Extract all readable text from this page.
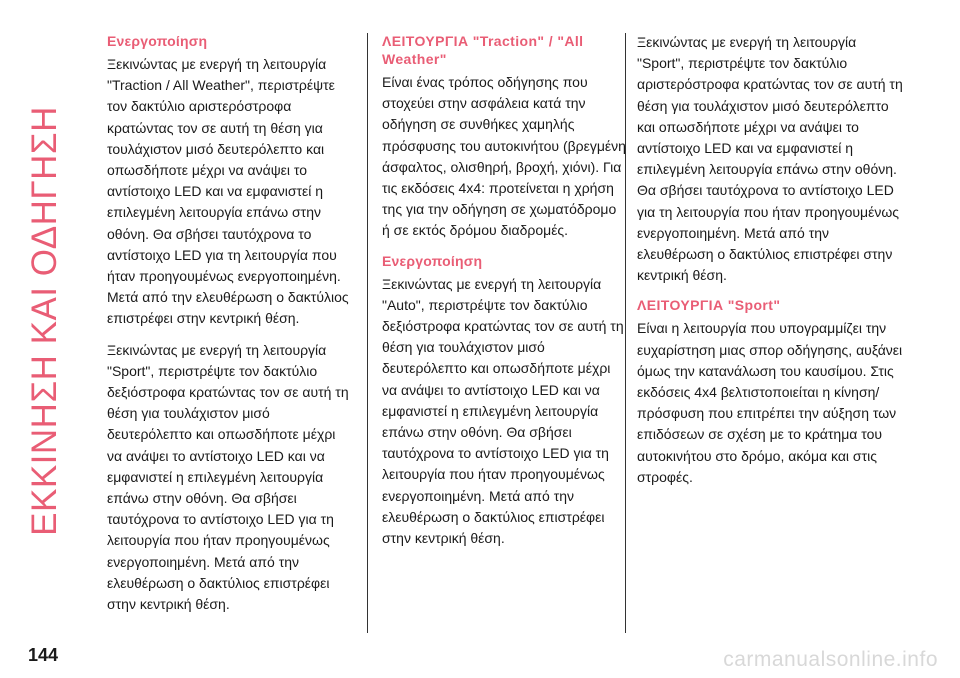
ΕΚΚΙΝΗΣΗ ΚΑΙ ΟΔΗΓΗΣΗ
Ενεργοποίηση

Ξεκινώντας με ενεργή τη λειτουργία "Traction / All Weather", περιστρέψτε τον δακτύλιο αριστερόστροφα κρατώντας τον σε αυτή τη θέση για τουλάχιστον μισό δευτερόλεπτο και οπωσδήποτε μέχρι να ανάψει το αντίστοιχο LED και να εμφανιστεί η επιλεγμένη λειτουργία επάνω στην οθόνη. Θα σβήσει ταυτόχρονα το αντίστοιχο LED για τη λειτουργία που ήταν προηγουμένως ενεργοποιημένη. Μετά από την ελευθέρωση ο δακτύλιος επιστρέφει στην κεντρική θέση.

Ξεκινώντας με ενεργή τη λειτουργία "Sport", περιστρέψτε τον δακτύλιο δεξιόστροφα κρατώντας τον σε αυτή τη θέση για τουλάχιστον μισό δευτερόλεπτο και οπωσδήποτε μέχρι να ανάψει το αντίστοιχο LED και να εμφανιστεί η επιλεγμένη λειτουργία επάνω στην οθόνη. Θα σβήσει ταυτόχρονα το αντίστοιχο LED για τη λειτουργία που ήταν προηγουμένως ενεργοποιημένη. Μετά από την ελευθέρωση ο δακτύλιος επιστρέφει στην κεντρική θέση.

ΛΕΙΤΟΥΡΓΙΑ "Traction" / "All Weather"

Είναι ένας τρόπος οδήγησης που στοχεύει στην ασφάλεια κατά την οδήγηση σε συνθήκες χαμηλής πρόσφυσης του αυτοκινήτου (βρεγμένη άσφαλτος, ολισθηρή, βροχή, χιόνι). Για τις εκδόσεις 4x4: προτείνεται η χρήση της για την οδήγηση σε χωματόδρομο ή σε εκτός δρόμου διαδρομές.

Ενεργοποίηση

Ξεκινώντας με ενεργή τη λειτουργία "Auto", περιστρέψτε τον δακτύλιο δεξιόστροφα κρατώντας τον σε αυτή τη θέση για τουλάχιστον μισό δευτερόλεπτο και οπωσδήποτε μέχρι να ανάψει το αντίστοιχο LED και να εμφανιστεί η επιλεγμένη λειτουργία επάνω στην οθόνη. Θα σβήσει ταυτόχρονα το αντίστοιχο LED για τη λειτουργία που ήταν προηγουμένως ενεργοποιημένη. Μετά από την ελευθέρωση ο δακτύλιος επιστρέφει στην κεντρική θέση.

Ξεκινώντας με ενεργή τη λειτουργία "Sport", περιστρέψτε τον δακτύλιο αριστερόστροφα κρατώντας τον σε αυτή τη θέση για τουλάχιστον μισό δευτερόλεπτο και οπωσδήποτε μέχρι να ανάψει το αντίστοιχο LED και να εμφανιστεί η επιλεγμένη λειτουργία επάνω στην οθόνη. Θα σβήσει ταυτόχρονα το αντίστοιχο LED για τη λειτουργία που ήταν προηγουμένως ενεργοποιημένη. Μετά από την ελευθέρωση ο δακτύλιος επιστρέφει στην κεντρική θέση.

ΛΕΙΤΟΥΡΓΙΑ "Sport"

Είναι η λειτουργία που υπογραμμίζει την ευχαρίστηση μιας σπορ οδήγησης, αυξάνει όμως την κατανάλωση του καυσίμου. Στις εκδόσεις 4x4 βελτιστοποιείται η κίνηση/πρόσφυση που επιτρέπει την αύξηση των επιδόσεων σε σχέση με το κράτημα του αυτοκινήτου στο δρόμο, ακόμα και στις στροφές.

144	carmanualsonline.info
